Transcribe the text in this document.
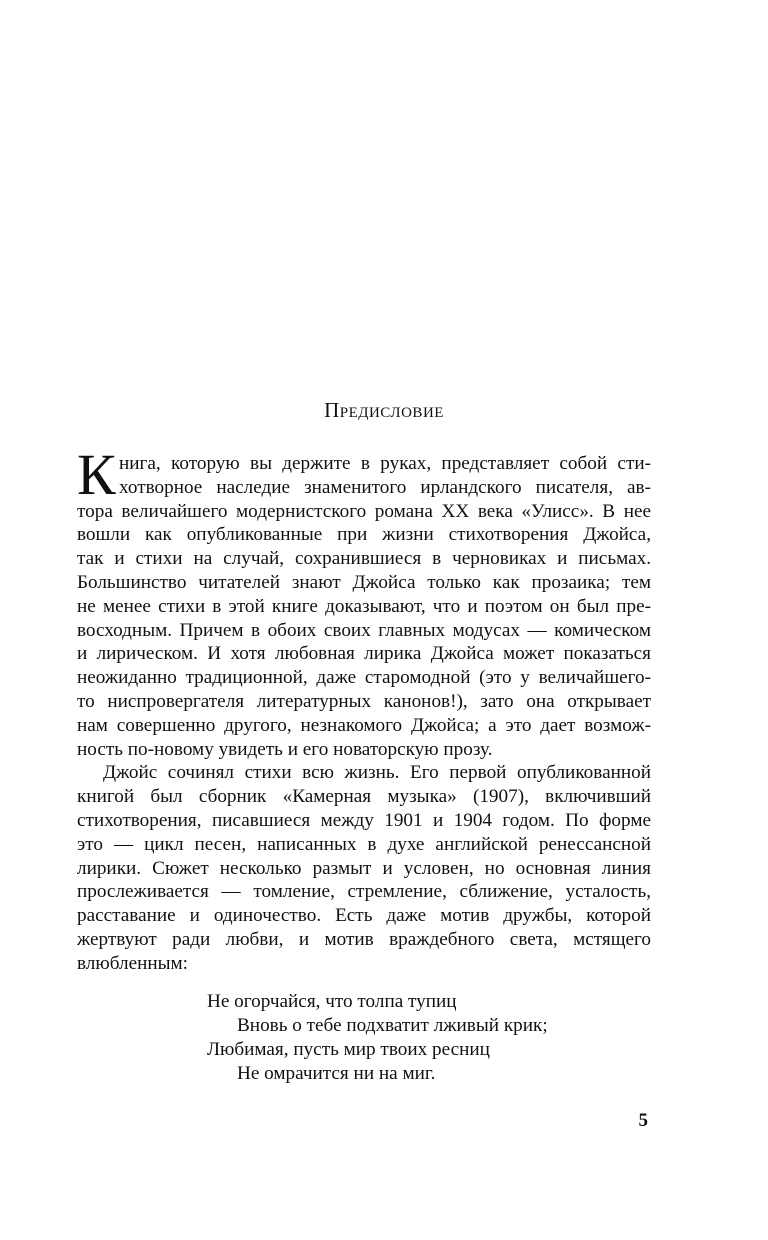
Предисловие
К нига, которую вы держите в руках, представляет собой сти-
хотворное наследие знаменитого ирландского писателя, ав-
тора величайшего модернистского романа XX века «Улисс». В нее
вошли как опубликованные при жизни стихотворения Джойса,
так и стихи на случай, сохранившиеся в черновиках и письмах.
Большинство читателей знают Джойса только как прозаика; тем
не менее стихи в этой книге доказывают, что и поэтом он был пре-
восходным. Причем в обоих своих главных модусах — комическом
и лирическом. И хотя любовная лирика Джойса может показаться
неожиданно традиционной, даже старомодной (это у величайшего-
то ниспровергателя литературных канонов!), зато она открывает
нам совершенно другого, незнакомого Джойса; а это дает возмож-
ность по-новому увидеть и его новаторскую прозу.
Джойс сочинял стихи всю жизнь. Его первой опубликованной
книгой был сборник «Камерная музыка» (1907), включивший
стихотворения, писавшиеся между 1901 и 1904 годом. По форме
это — цикл песен, написанных в духе английской ренессансной
лирики. Сюжет несколько размыт и условен, но основная линия
прослеживается — томление, стремление, сближение, усталость,
расставание и одиночество. Есть даже мотив дружбы, которой
жертвуют ради любви, и мотив враждебного света, мстящего
влюбленным:
Не огорчайся, что толпа тупиц
Вновь о тебе подхватит лживый крик;
Любимая, пусть мир твоих ресниц
Не омрачится ни на миг.
5
